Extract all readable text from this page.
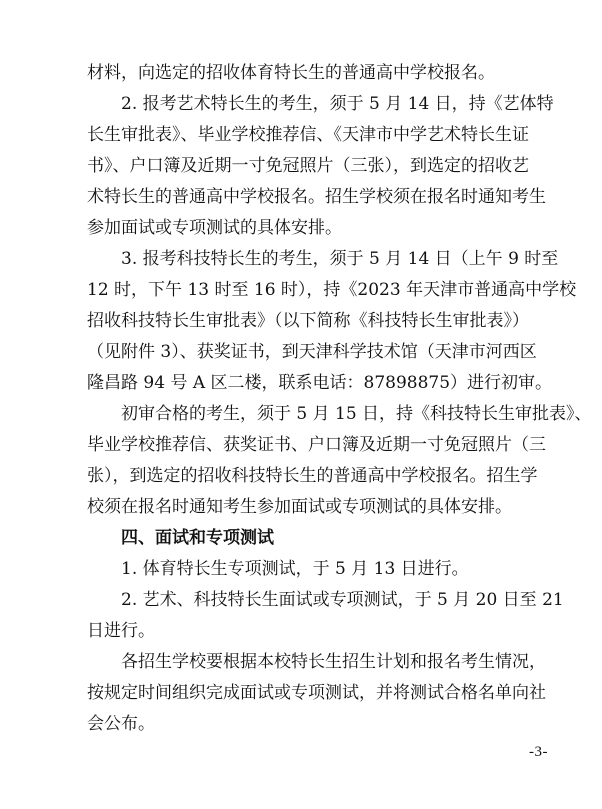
材料，向选定的招收体育特长生的普通高中学校报名。

2. 报考艺术特长生的考生，须于 5 月 14 日，持《艺体特
长生审批表》、毕业学校推荐信、《天津市中学艺术特长生证
书》、户口簿及近期一寸免冠照片（三张），到选定的招收艺
术特长生的普通高中学校报名。招生学校须在报名时通知考生
参加面试或专项测试的具体安排。

3. 报考科技特长生的考生，须于 5 月 14 日（上午 9 时至
12 时，下午 13 时至 16 时），持《2023 年天津市普通高中学校
招收科技特长生审批表》（以下简称《科技特长生审批表》）
（见附件 3）、获奖证书，到天津科学技术馆（天津市河西区
隆昌路 94 号 A 区二楼，联系电话：87898875）进行初审。

初审合格的考生，须于 5 月 15 日，持《科技特长生审批表》、
毕业学校推荐信、获奖证书、户口簿及近期一寸免冠照片（三
张），到选定的招收科技特长生的普通高中学校报名。招生学
校须在报名时通知考生参加面试或专项测试的具体安排。

四、面试和专项测试

1. 体育特长生专项测试，于 5 月 13 日进行。

2. 艺术、科技特长生面试或专项测试，于 5 月 20 日至 21
日进行。

各招生学校要根据本校特长生招生计划和报名考生情况，
按规定时间组织完成面试或专项测试，并将测试合格名单向社
会公布。

-3-
